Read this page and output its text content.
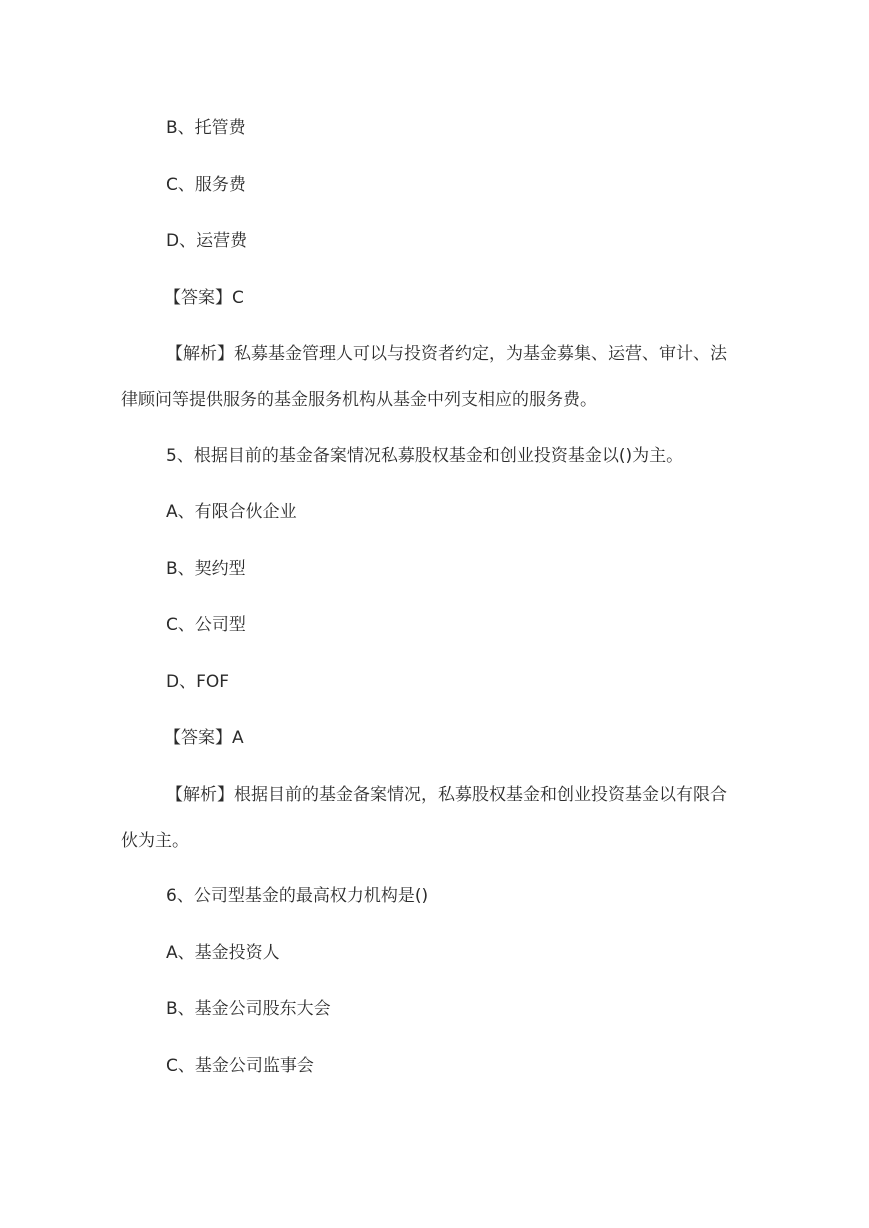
B、托管费
C、服务费
D、运营费
【答案】C
【解析】私募基金管理人可以与投资者约定，为基金募集、运营、审计、法
律顾问等提供服务的基金服务机构从基金中列支相应的服务费。
5、根据目前的基金备案情况私募股权基金和创业投资基金以()为主。
A、有限合伙企业
B、契约型
C、公司型
D、FOF
【答案】A
【解析】根据目前的基金备案情况，私募股权基金和创业投资基金以有限合
伙为主。
6、公司型基金的最高权力机构是()
A、基金投资人
B、基金公司股东大会
C、基金公司监事会
